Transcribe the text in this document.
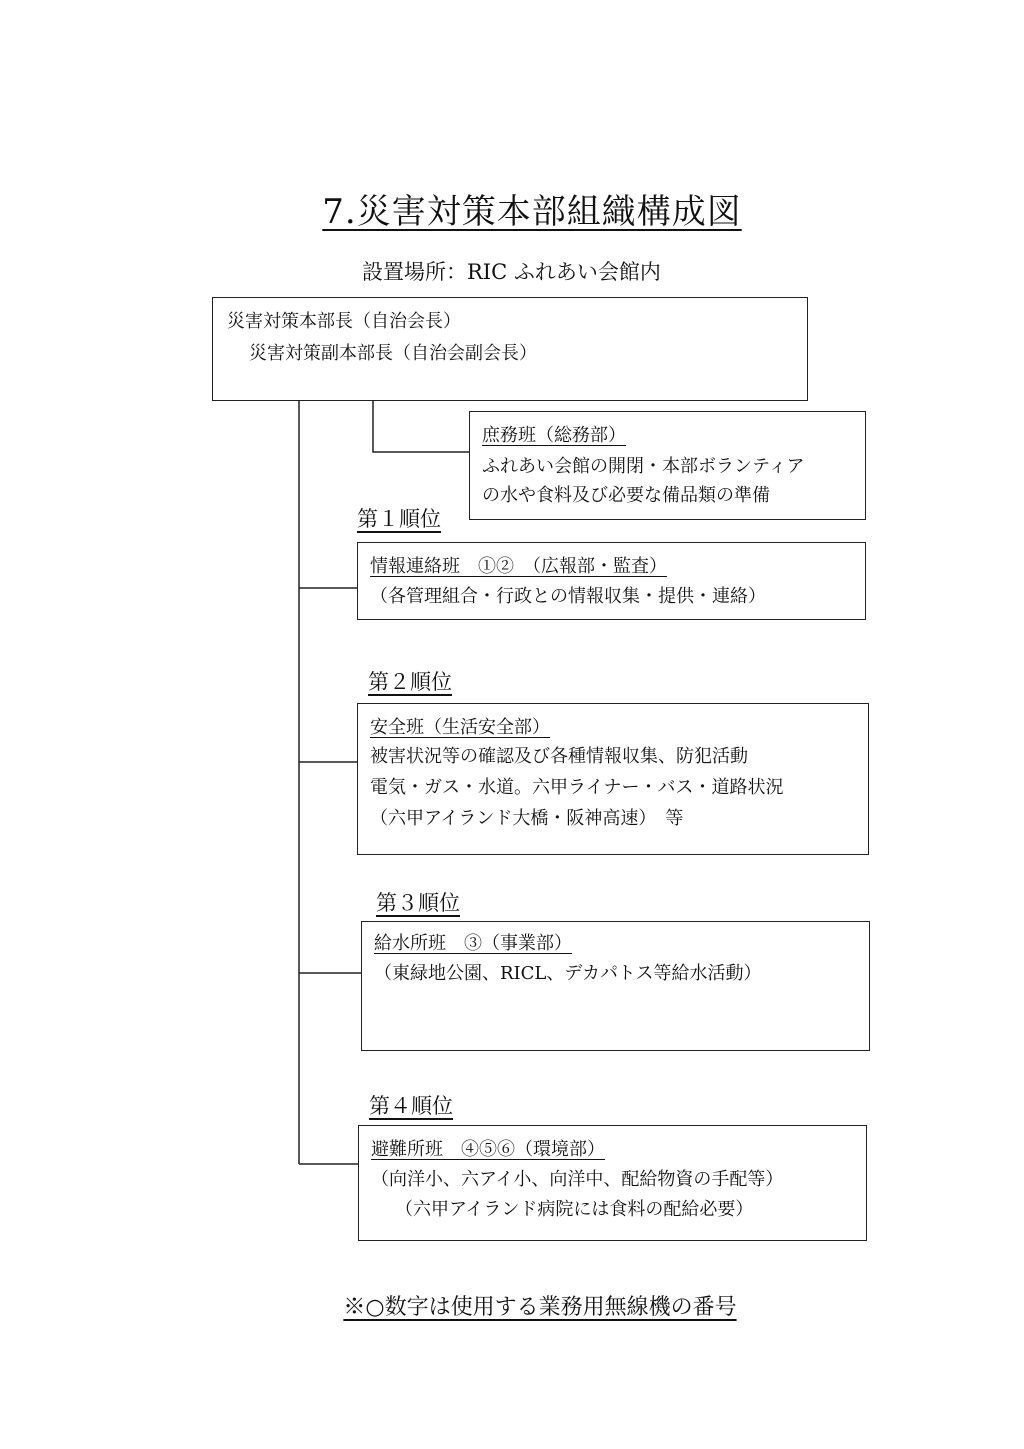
7.災害対策本部組織構成図
設置場所：RIC ふれあい会館内
災害対策本部長（自治会長）
災害対策副本部長（自治会副会長）
庶務班（総務部）
ふれあい会館の開閉・本部ボランティア
の水や食料及び必要な備品類の準備
第１順位
情報連絡班　①②　（広報部・監査）
（各管理組合・行政との情報収集・提供・連絡）
第２順位
安全班（生活安全部）
被害状況等の確認及び各種情報収集、防犯活動
電気・ガス・水道。六甲ライナー・バス・道路状況
（六甲アイランド大橋・阪神高速）　等
第３順位
給水所班　③（事業部）
（東緑地公園、RICL、デカパトス等給水活動）
第４順位
避難所班　④⑤⑥（環境部）
（向洋小、六アイ小、向洋中、配給物資の手配等）
（六甲アイランド病院には食料の配給必要）
※○数字は使用する業務用無線機の番号
